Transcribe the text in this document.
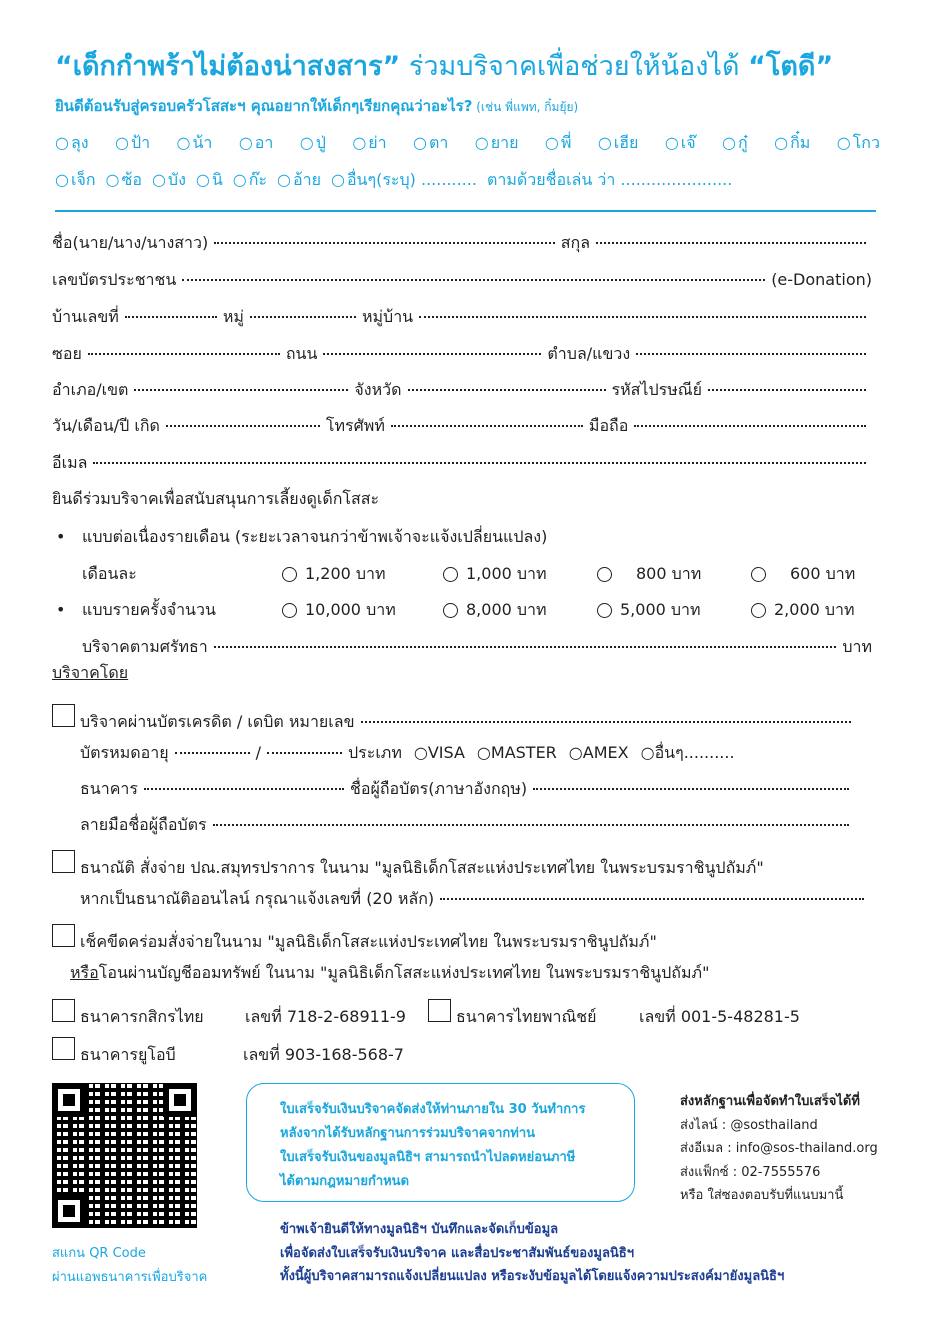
“เด็กกำพร้าไม่ต้องน่าสงสาร” ร่วมบริจาคเพื่อช่วยให้น้องได้ “โตดี”
ยินดีต้อนรับสู่ครอบครัวโสสะฯ คุณอยากให้เด็กๆเรียกคุณว่าอะไร? (เช่น พี่แพท, กิ๋มยุ้ย)
○ ลุง	○ ป้า	○ น้า	○ อา	○ ปู่	○ ย่า	○ ตา	○ ยาย	○ พี่	○ เฮีย	○ เจ๊	○ กู๋	○ กิ๋ม	○ โกว
○ เจ็ก	○ ซ้อ	○ บัง	○ นิ	○ ก๊ะ	○ อ้าย	○ อื่นๆ(ระบุ) ........... ตามด้วยชื่อเล่น ว่า ......................
ชื่อ(นาย/นาง/นางสาว)	สกุล
เลขบัตรประชาชน	(e-Donation)
บ้านเลขที่	หมู่	หมู่บ้าน
ซอย	ถนน	ตำบล/แขวง
อำเภอ/เขต	จังหวัด	รหัสไปรษณีย์
วัน/เดือน/ปี เกิด	โทรศัพท์	มือถือ
อีเมล
ยินดีร่วมบริจาคเพื่อสนับสนุนการเลี้ยงดูเด็กโสสะ
•	แบบต่อเนื่องรายเดือน (ระยะเวลาจนกว่าข้าพเจ้าจะแจ้งเปลี่ยนแปลง)
เดือนละ	1,200 บาท	1,000 บาท	800 บาท	600 บาท
•	แบบรายครั้งจำนวน	10,000 บาท	8,000 บาท	5,000 บาท	2,000 บาท
บริจาคตามศรัทธา	บาท
บริจาคโดย
บริจาคผ่านบัตรเครดิต / เดบิต หมายเลข
บัตรหมดอายุ	/	ประเภท ○VISA ○MASTER ○AMEX ○อื่นๆ..........
ธนาคาร	ชื่อผู้ถือบัตร(ภาษาอังกฤษ)
ลายมือชื่อผู้ถือบัตร
ธนาณัติ สั่งจ่าย ปณ.สมุทรปราการ ในนาม "มูลนิธิเด็กโสสะแห่งประเทศไทย ในพระบรมราชินูปถัมภ์"
หากเป็นธนาณัติออนไลน์ กรุณาแจ้งเลขที่ (20 หลัก)
เช็คขีดคร่อมสั่งจ่ายในนาม "มูลนิธิเด็กโสสะแห่งประเทศไทย ในพระบรมราชินูปถัมภ์"
หรือ โอนผ่านบัญชีออมทรัพย์ ในนาม "มูลนิธิเด็กโสสะแห่งประเทศไทย ในพระบรมราชินูปถัมภ์"
ธนาคารกสิกรไทย	เลขที่ 718-2-68911-9	ธนาคารไทยพาณิชย์	เลขที่ 001-5-48281-5
ธนาคารยูโอบี	เลขที่ 903-168-568-7
สแกน QR Code
ผ่านแอพธนาคารเพื่อบริจาค
ใบเสร็จรับเงินบริจาคจัดส่งให้ท่านภายใน 30 วันทำการ
หลังจากได้รับหลักฐานการร่วมบริจาคจากท่าน
ใบเสร็จรับเงินของมูลนิธิฯ สามารถนำไปลดหย่อนภาษี
ได้ตามกฎหมายกำหนด
ส่งหลักฐานเพื่อจัดทำใบเสร็จได้ที่
ส่งไลน์ : @sosthailand
ส่งอีเมล : info@sos-thailand.org
ส่งแฟ็กซ์ : 02-7555576
หรือ ใส่ซองตอบรับที่แนบมานี้
ข้าพเจ้ายินดีให้ทางมูลนิธิฯ บันทึกและจัดเก็บข้อมูล
เพื่อจัดส่งใบเสร็จรับเงินบริจาค และสื่อประชาสัมพันธ์ของมูลนิธิฯ
ทั้งนี้ผู้บริจาคสามารถแจ้งเปลี่ยนแปลง หรือระงับข้อมูลได้โดยแจ้งความประสงค์มายังมูลนิธิฯ
